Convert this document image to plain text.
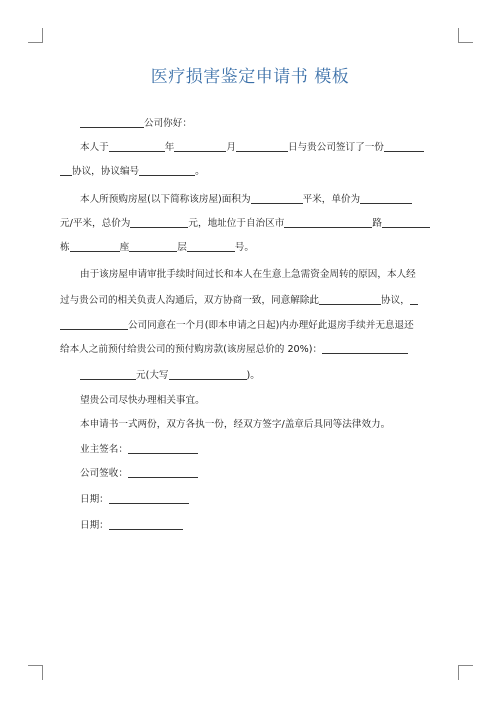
医疗损害鉴定申请书 模板
公司你好：
本人于	年	月	日与贵公司签订了一份
协议，协议编号	。
本人所预购房屋(以下简称该房屋)面积为	平米，单价为
元/平米，总价为	元，地址位于自治区市	路
栋	座	层	号。
由于该房屋申请审批手续时间过长和本人在生意上急需资金周转的原因，本人经
过与贵公司的相关负责人沟通后，双方协商一致，同意解除此	协议，
公司同意在一个月(即本申请之日起)内办理好此退房手续并无息退还
给本人之前预付给贵公司的预付购房款(该房屋总价的 20%)：
元(大写	)。
望贵公司尽快办理相关事宜。
本申请书一式两份，双方各执一份，经双方签字/盖章后具同等法律效力。
业主签名：
公司签收：
日期：
日期：
